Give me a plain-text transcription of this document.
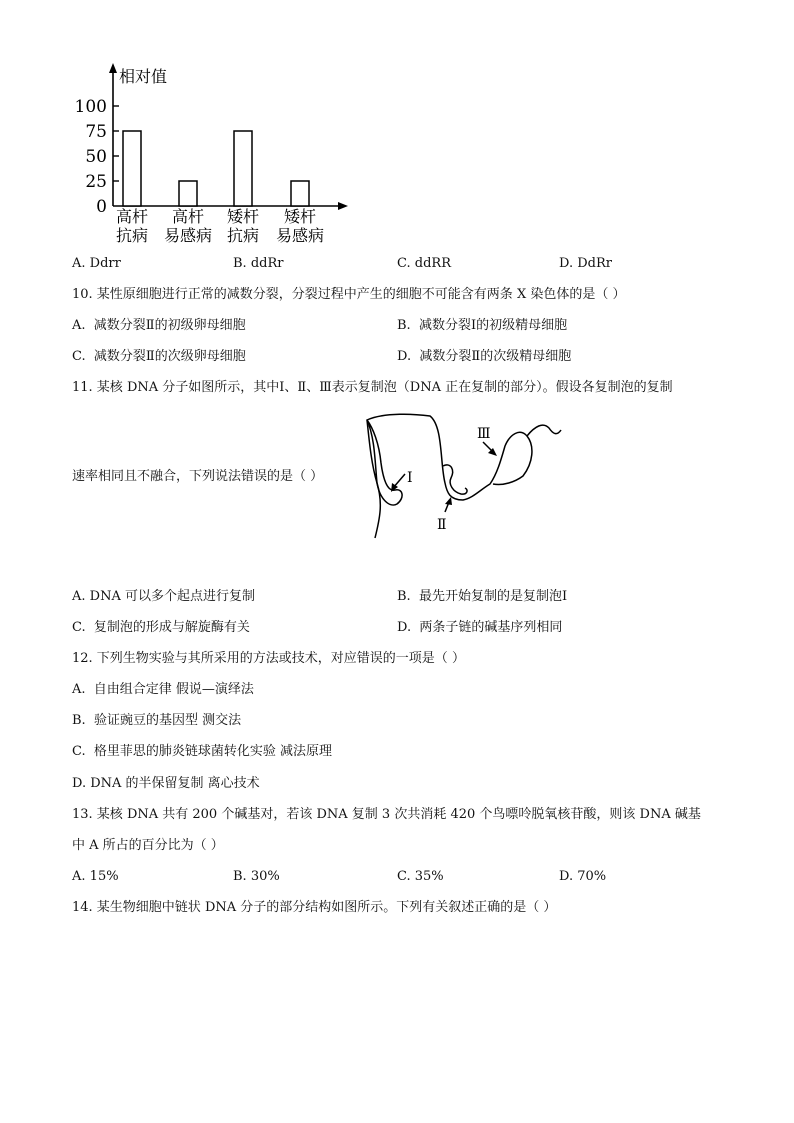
相对值
100
75
50
25
0 高杆
抗病
高杆
易感病
矮杆
抗病
矮杆
易感病
A. Ddrr	B. ddRr	C. ddRR	D. DdRr
10. 某性原细胞进行正常的减数分裂，分裂过程中产生的细胞不可能含有两条 X 染色体的是（ ）
A. 减数分裂Ⅱ的初级卵母细胞	B. 减数分裂Ⅰ的初级精母细胞
C. 减数分裂Ⅱ的次级卵母细胞	D. 减数分裂Ⅱ的次级精母细胞
11. 某核 DNA 分子如图所示，其中Ⅰ、Ⅱ、Ⅲ表示复制泡（DNA 正在复制的部分）。假设各复制泡的复制
速率相同且不融合，下列说法错误的是（ ）	Ⅰ
Ⅱ
Ⅲ
A. DNA 可以多个起点进行复制	B. 最先开始复制的是复制泡Ⅰ
C. 复制泡的形成与解旋酶有关	D. 两条子链的碱基序列相同
12. 下列生物实验与其所采用的方法或技术，对应错误的一项是（ ）
A. 自由组合定律 假说—演绎法
B. 验证豌豆的基因型 测交法
C. 格里菲思的肺炎链球菌转化实验 减法原理
D. DNA 的半保留复制 离心技术
13. 某核 DNA 共有 200 个碱基对，若该 DNA 复制 3 次共消耗 420 个鸟嘌呤脱氧核苷酸，则该 DNA 碱基
中 A 所占的百分比为（ ）
A. 15%	B. 30%	C. 35%	D. 70%
14. 某生物细胞中链状 DNA 分子的部分结构如图所示。下列有关叙述正确的是（ ）
